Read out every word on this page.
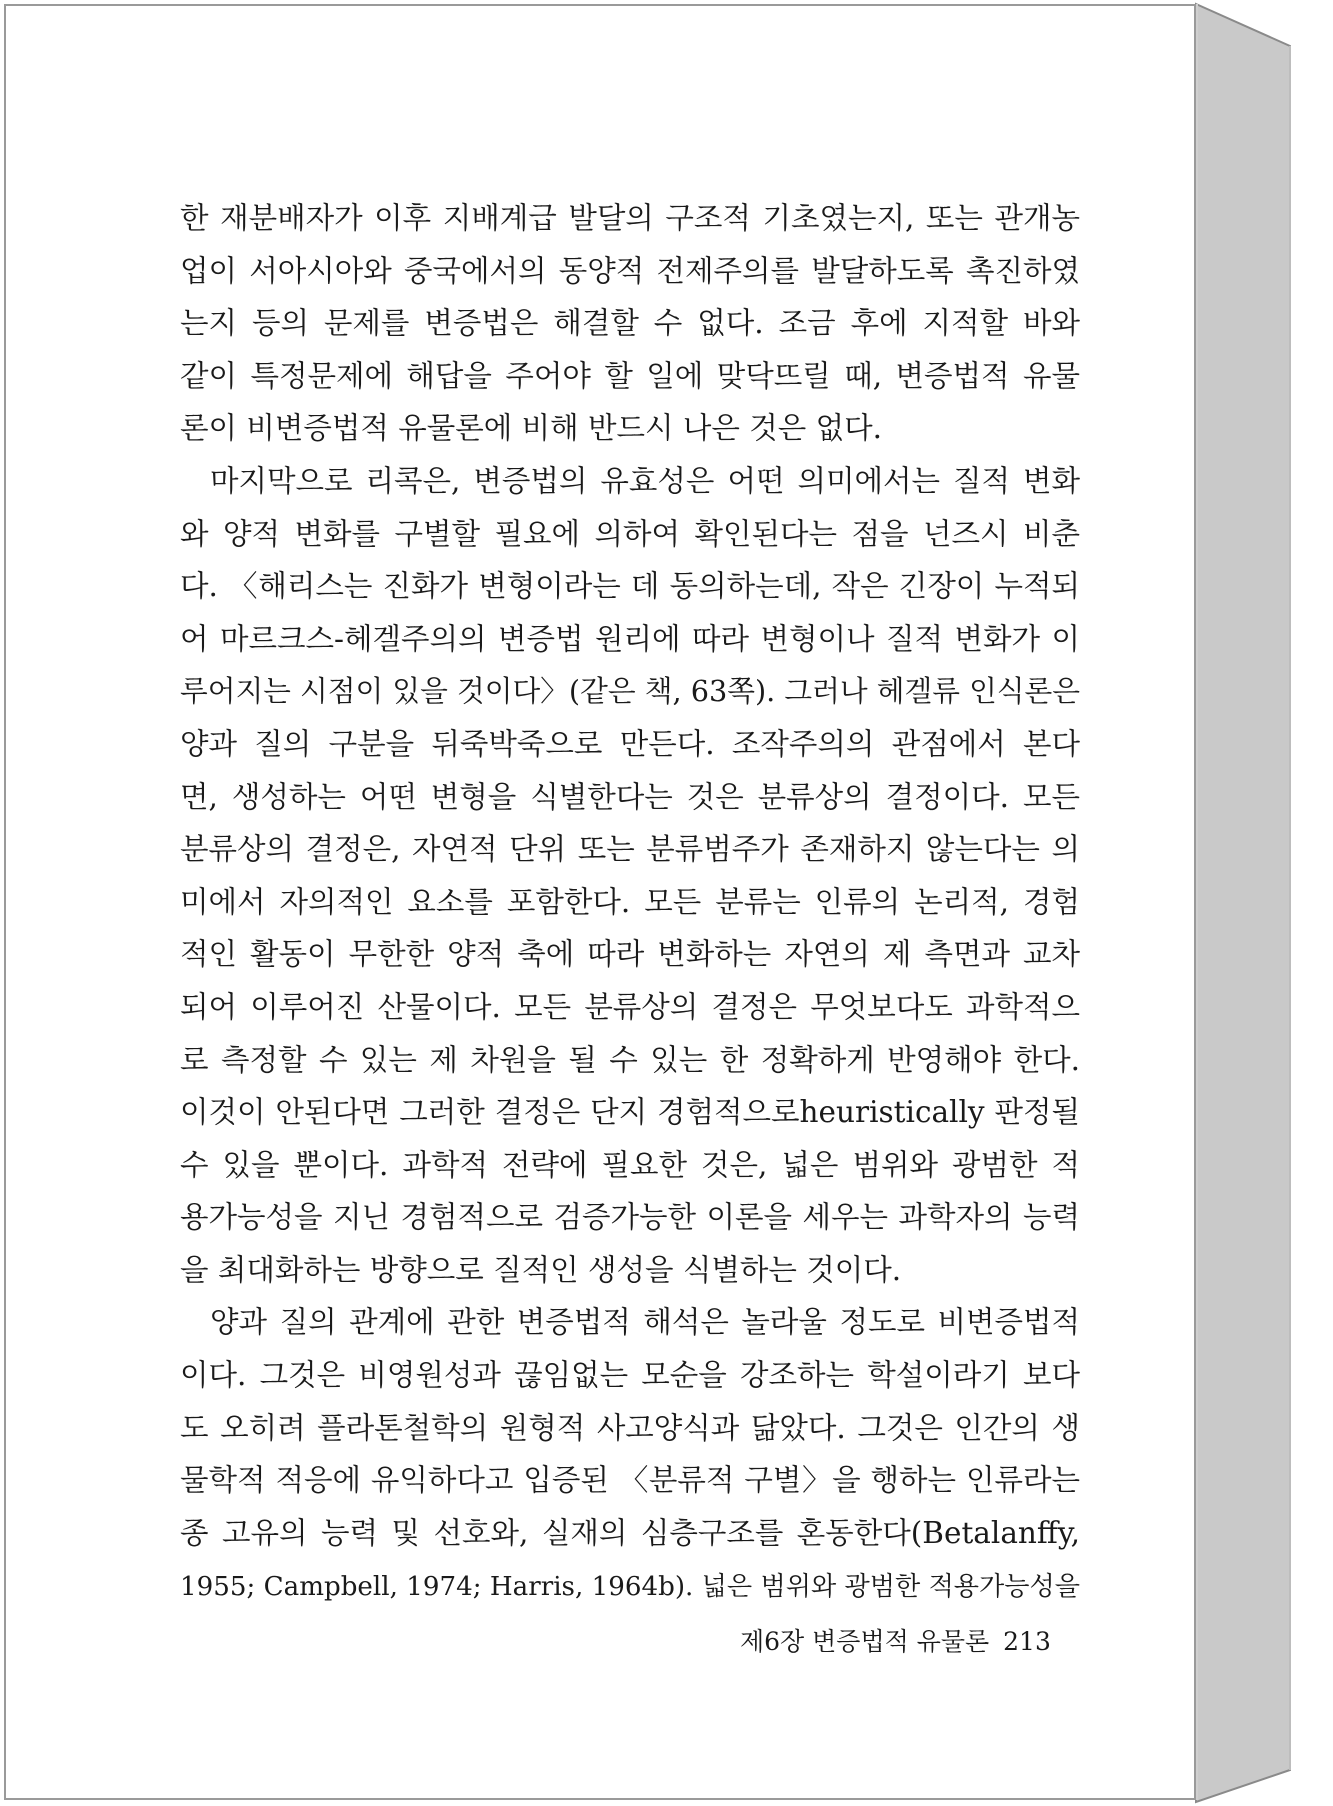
한 재분배자가 이후 지배계급 발달의 구조적 기초였는지, 또는 관개농
업이 서아시아와 중국에서의 동양적 전제주의를 발달하도록 촉진하였
는지 등의 문제를 변증법은 해결할 수 없다. 조금 후에 지적할 바와
같이 특정문제에 해답을 주어야 할 일에 맞닥뜨릴 때, 변증법적 유물
론이 비변증법적 유물론에 비해 반드시 나은 것은 없다.
마지막으로 리콕은, 변증법의 유효성은 어떤 의미에서는 질적 변화
와 양적 변화를 구별할 필요에 의하여 확인된다는 점을 넌즈시 비춘
다. 〈해리스는 진화가 변형이라는 데 동의하는데, 작은 긴장이 누적되
어 마르크스-헤겔주의의 변증법 원리에 따라 변형이나 질적 변화가 이
루어지는 시점이 있을 것이다〉(같은 책, 63쪽). 그러나 헤겔류 인식론은
양과 질의 구분을 뒤죽박죽으로 만든다. 조작주의의 관점에서 본다
면, 생성하는 어떤 변형을 식별한다는 것은 분류상의 결정이다. 모든
분류상의 결정은, 자연적 단위 또는 분류범주가 존재하지 않는다는 의
미에서 자의적인 요소를 포함한다. 모든 분류는 인류의 논리적, 경험
적인 활동이 무한한 양적 축에 따라 변화하는 자연의 제 측면과 교차
되어 이루어진 산물이다. 모든 분류상의 결정은 무엇보다도 과학적으
로 측정할 수 있는 제 차원을 될 수 있는 한 정확하게 반영해야 한다.
이것이 안된다면 그러한 결정은 단지 경험적으로heuristically 판정될
수 있을 뿐이다. 과학적 전략에 필요한 것은, 넓은 범위와 광범한 적
용가능성을 지닌 경험적으로 검증가능한 이론을 세우는 과학자의 능력
을 최대화하는 방향으로 질적인 생성을 식별하는 것이다.
양과 질의 관계에 관한 변증법적 해석은 놀라울 정도로 비변증법적
이다. 그것은 비영원성과 끊임없는 모순을 강조하는 학설이라기 보다
도 오히려 플라톤철학의 원형적 사고양식과 닮았다. 그것은 인간의 생
물학적 적응에 유익하다고 입증된 〈분류적 구별〉을 행하는 인류라는
종 고유의 능력 및 선호와, 실재의 심층구조를 혼동한다(Betalanffy,
1955; Campbell, 1974; Harris, 1964b). 넓은 범위와 광범한 적용가능성을
제6장 변증법적 유물론 213
